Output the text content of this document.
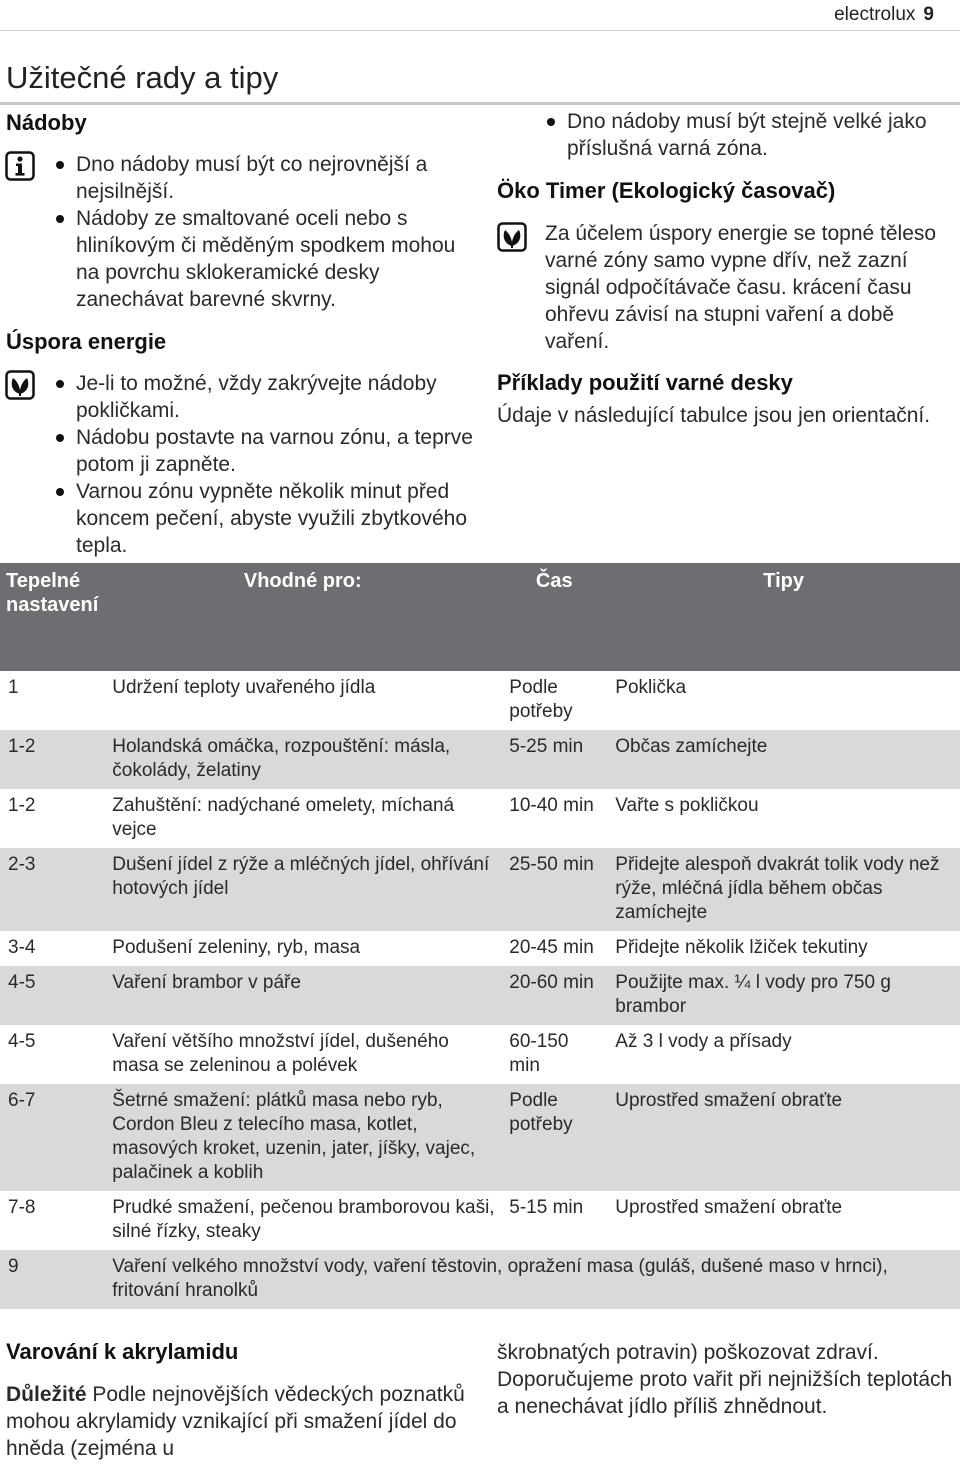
electrolux 9
Užitečné rady a tipy
Nádoby
Dno nádoby musí být co nejrovnější a nejsilnější.
Nádoby ze smaltované oceli nebo s hliníkovým či měděným spodkem mohou na povrchu sklokeramické desky zanechávat barevné skvrny.
Úspora energie
Je-li to možné, vždy zakrývejte nádoby pokličkami.
Nádobu postavte na varnou zónu, a teprve potom ji zapněte.
Varnou zónu vypněte několik minut před koncem pečení, abyste využili zbytkového tepla.
Dno nádoby musí být stejně velké jako příslušná varná zóna.
Öko Timer (Ekologický časovač)
Za účelem úspory energie se topné těleso varné zóny samo vypne dřív, než zazní signál odpočítávače času. krácení času ohřevu závisí na stupni vaření a době vaření.
Příklady použití varné desky
Údaje v následující tabulce jsou jen orientační.
Tepelné nastavení	Vhodné pro:	Čas	Tipy
1	Udržení teploty uvařeného jídla	Podle potřeby	Poklička
1-2	Holandská omáčka, rozpouštění: másla, čokolády, želatiny	5-25 min	Občas zamíchejte
1-2	Zahuštění: nadýchané omelety, míchaná vejce	10-40 min	Vařte s pokličkou
2-3	Dušení jídel z rýže a mléčných jídel, ohřívání hotových jídel	25-50 min	Přidejte alespoň dvakrát tolik vody než rýže, mléčná jídla během občas zamíchejte
3-4	Podušení zeleniny, ryb, masa	20-45 min	Přidejte několik lžiček tekutiny
4-5	Vaření brambor v páře	20-60 min	Použijte max. ¼ l vody pro 750 g brambor
4-5	Vaření většího množství jídel, dušeného masa se zeleninou a polévek	60-150 min	Až 3 l vody a přísady
6-7	Šetrné smažení: plátků masa nebo ryb, Cordon Bleu z telecího masa, kotlet, masových kroket, uzenin, jater, jíšky, vajec, palačinek a koblih	Podle potřeby	Uprostřed smažení obraťte
7-8	Prudké smažení, pečenou bramborovou kaši, silné řízky, steaky	5-15 min	Uprostřed smažení obraťte
9	Vaření velkého množství vody, vaření těstovin, opražení masa (guláš, dušené maso v hrnci), fritování hranolků		
Varování k akrylamidu
Důležité Podle nejnovějších vědeckých poznatků mohou akrylamidy vznikající při smažení jídel do hněda (zejména u
škrobnatých potravin) poškozovat zdraví. Doporučujeme proto vařit při nejnižších teplotách a nenechávat jídlo příliš zhnědnout.
